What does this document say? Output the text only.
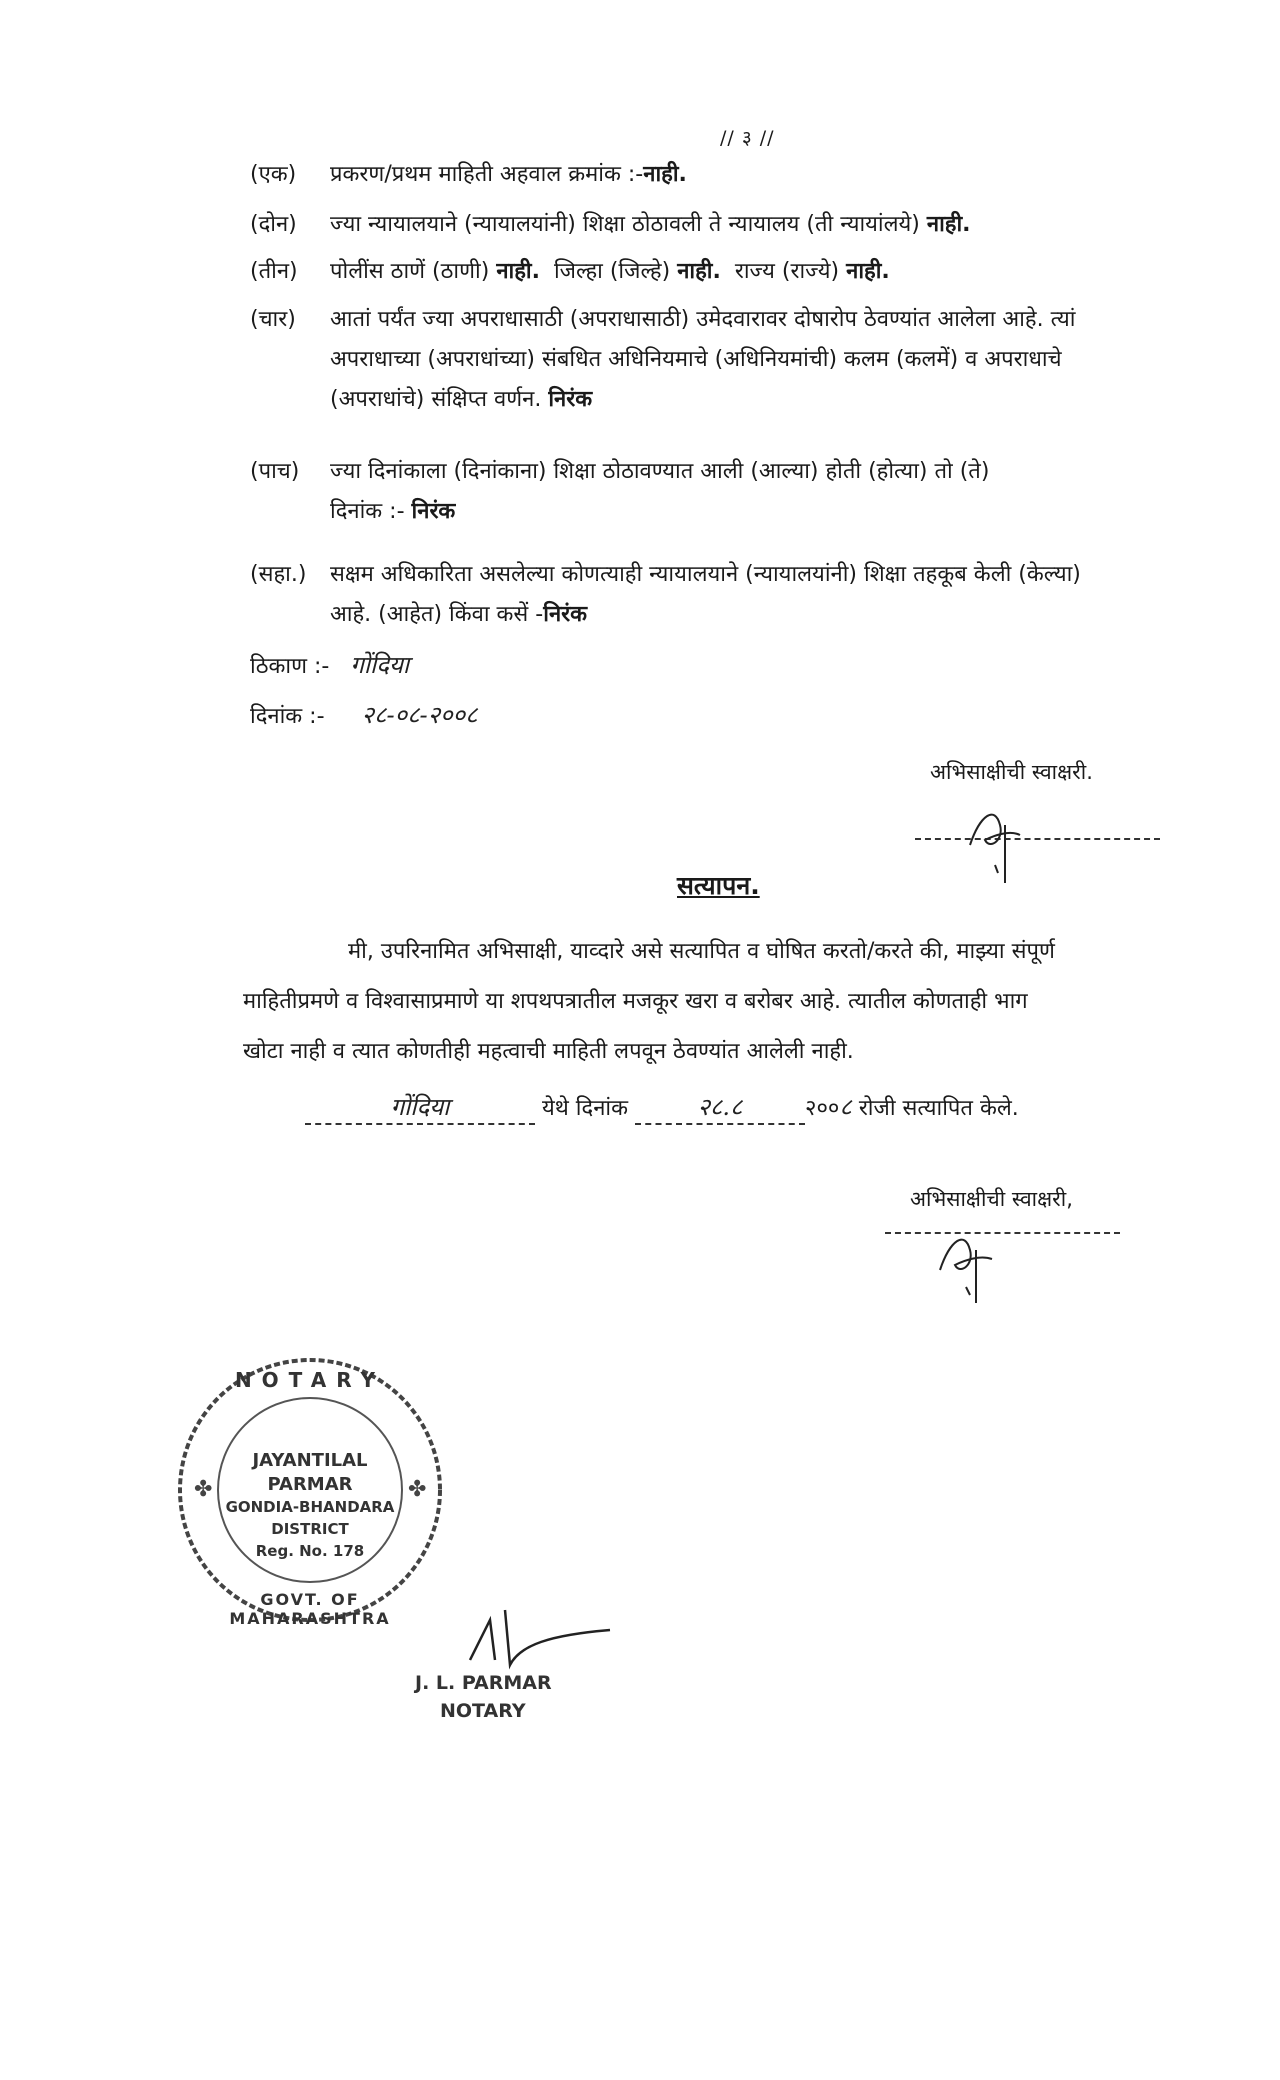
// ३ //
(एक)	प्रकरण/प्रथम माहिती अहवाल क्रमांक :-नाही.
(दोन)	ज्या न्यायालयाने (न्यायालयांनी) शिक्षा ठोठावली ते न्यायालय (ती न्यायांलये) नाही.
(तीन)	पोलींस ठाणें (ठाणी) नाही. जिल्हा (जिल्हे) नाही. राज्य (राज्ये) नाही.
(चार)	आतां पर्यंत ज्या अपराधासाठी (अपराधासाठी) उमेदवारावर दोषारोप ठेवण्यांत आलेला आहे. त्यां
अपराधाच्या (अपराधांच्या) संबधित अधिनियमाचे (अधिनियमांची) कलम (कलमें) व अपराधाचे
(अपराधांचे) संक्षिप्त वर्णन. निरंक
(पाच)	ज्या दिनांकाला (दिनांकाना) शिक्षा ठोठावण्यात आली (आल्या) होती (होत्या) तो (ते)
दिनांक :- निरंक
(सहा.)	सक्षम अधिकारिता असलेल्या कोणत्याही न्यायालयाने (न्यायालयांनी) शिक्षा तहकूब केली (केल्या)
आहे. (आहेत) किंवा कसें -निरंक
ठिकाण :- गोंदिया
दिनांक :- २८-०८-२००८
अभिसाक्षीची स्वाक्षरी.
सत्यापन.
मी, उपरिनामित अभिसाक्षी, याव्दारे असे सत्यापित व घोषित करतो/करते की, माझ्या संपूर्ण
माहितीप्रमणे व विश्वासाप्रमाणे या शपथपत्रातील मजकूर खरा व बरोबर आहे. त्यातील कोणताही भाग
खोटा नाही व त्यात कोणतीही महत्वाची माहिती लपवून ठेवण्यांत आलेली नाही.
गोंदिया	येथे दिनांक	२८.८	२००८ रोजी सत्यापित केले.
अभिसाक्षीची स्वाक्षरी,
✤	✤
NOTARY
JAYANTILAL
PARMAR
GONDIA-BHANDARA
DISTRICT
Reg. No. 178
GOVT. OF MAHARASHTRA
J. L. PARMAR
NOTARY
